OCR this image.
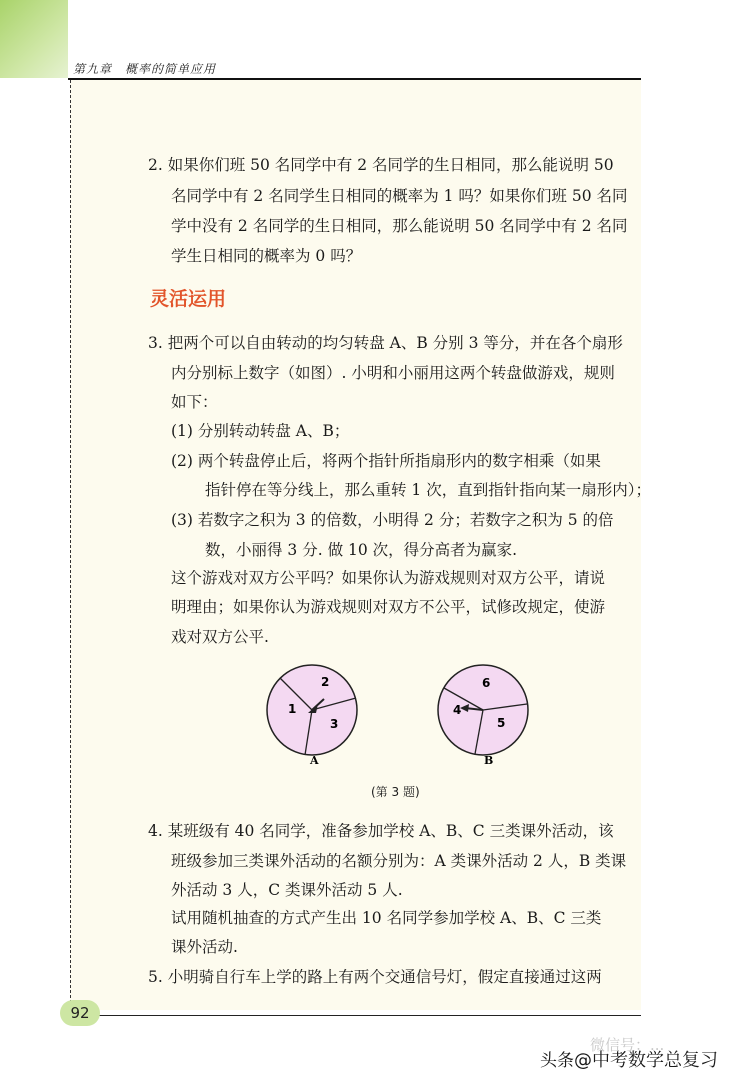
第九章　概率的简单应用
2. 如果你们班 50 名同学中有 2 名同学的生日相同，那么能说明 50
名同学中有 2 名同学生日相同的概率为 1 吗？如果你们班 50 名同
学中没有 2 名同学的生日相同，那么能说明 50 名同学中有 2 名同
学生日相同的概率为 0 吗？
灵活运用
3. 把两个可以自由转动的均匀转盘 A、B 分别 3 等分，并在各个扇形
内分别标上数字（如图）. 小明和小丽用这两个转盘做游戏，规则
如下：
(1) 分别转动转盘 A、B；
(2) 两个转盘停止后，将两个指针所指扇形内的数字相乘（如果
指针停在等分线上，那么重转 1 次，直到指针指向某一扇形内）；
(3) 若数字之积为 3 的倍数，小明得 2 分；若数字之积为 5 的倍
数，小丽得 3 分. 做 10 次，得分高者为赢家.
这个游戏对双方公平吗？如果你认为游戏规则对双方公平，请说
明理由；如果你认为游戏规则对双方不公平，试修改规定，使游
戏对双方公平.
2
1
3
A
6
4
5
B
(第 3 题)
4. 某班级有 40 名同学，准备参加学校 A、B、C 三类课外活动，该
班级参加三类课外活动的名额分别为：A 类课外活动 2 人，B 类课
外活动 3 人，C 类课外活动 5 人.
试用随机抽查的方式产生出 10 名同学参加学校 A、B、C 三类
课外活动.
5. 小明骑自行车上学的路上有两个交通信号灯，假定直接通过这两
92
微信号：...
头条@中考数学总复习
